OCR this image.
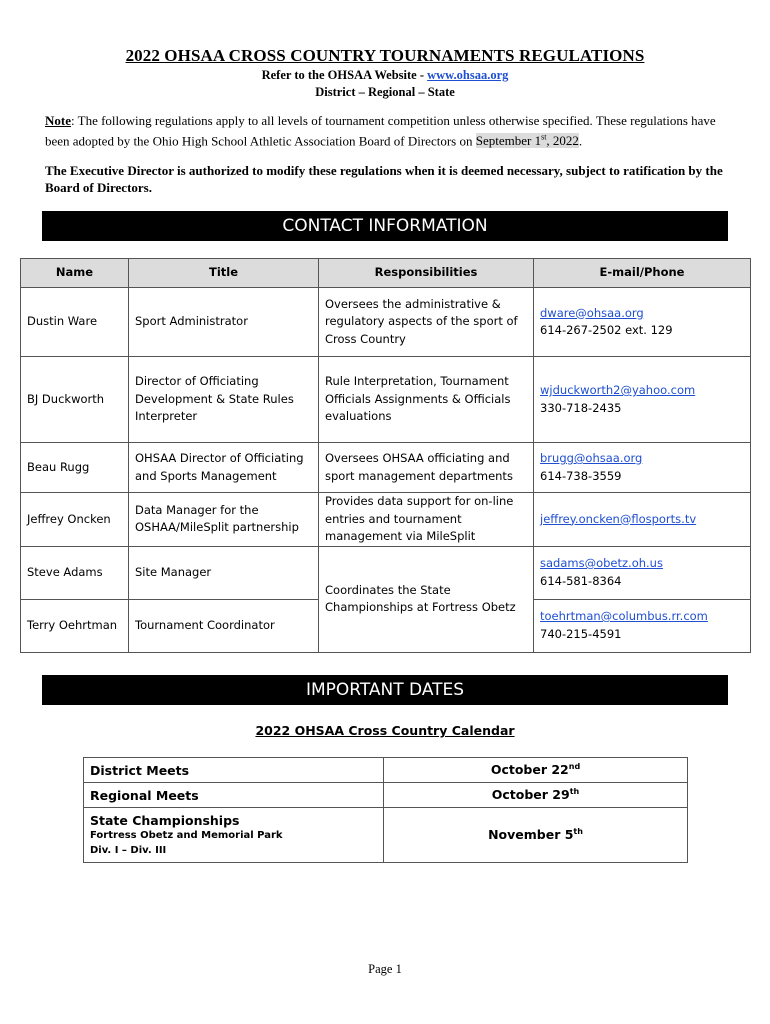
2022 OHSAA CROSS COUNTRY TOURNAMENTS REGULATIONS
Refer to the OHSAA Website - www.ohsaa.org
District – Regional – State
Note: The following regulations apply to all levels of tournament competition unless otherwise specified. These regulations have been adopted by the Ohio High School Athletic Association Board of Directors on September 1st, 2022.
The Executive Director is authorized to modify these regulations when it is deemed necessary, subject to ratification by the Board of Directors.
CONTACT INFORMATION
Name	Title	Responsibilities	E-mail/Phone
Dustin Ware	Sport Administrator	Oversees the administrative & regulatory aspects of the sport of Cross Country	dware@ohsaa.org
614-267-2502 ext. 129

BJ Duckworth	Director of Officiating Development & State Rules Interpreter	Rule Interpretation, Tournament Officials Assignments & Officials evaluations	wjduckworth2@yahoo.com
330-718-2435

Beau Rugg	OHSAA Director of Officiating and Sports Management	Oversees OHSAA officiating and sport management departments	brugg@ohsaa.org
614-738-3559

Jeffrey Oncken	Data Manager for the OSHAA/MileSplit partnership	Provides data support for on-line entries and tournament management via MileSplit	jeffrey.oncken@flosports.tv

Steve Adams	Site Manager	Coordinates the State Championships at Fortress Obetz	sadams@obetz.oh.us
614-581-8364

Terry Oehrtman	Tournament Coordinator		toehrtman@columbus.rr.com
740-215-4591
IMPORTANT DATES
2022 OHSAA Cross Country Calendar
District Meets	October 22nd
Regional Meets	October 29th

State Championships
Fortress Obetz and Memorial Park
Div. I – Div. III	November 5th
Page 1
